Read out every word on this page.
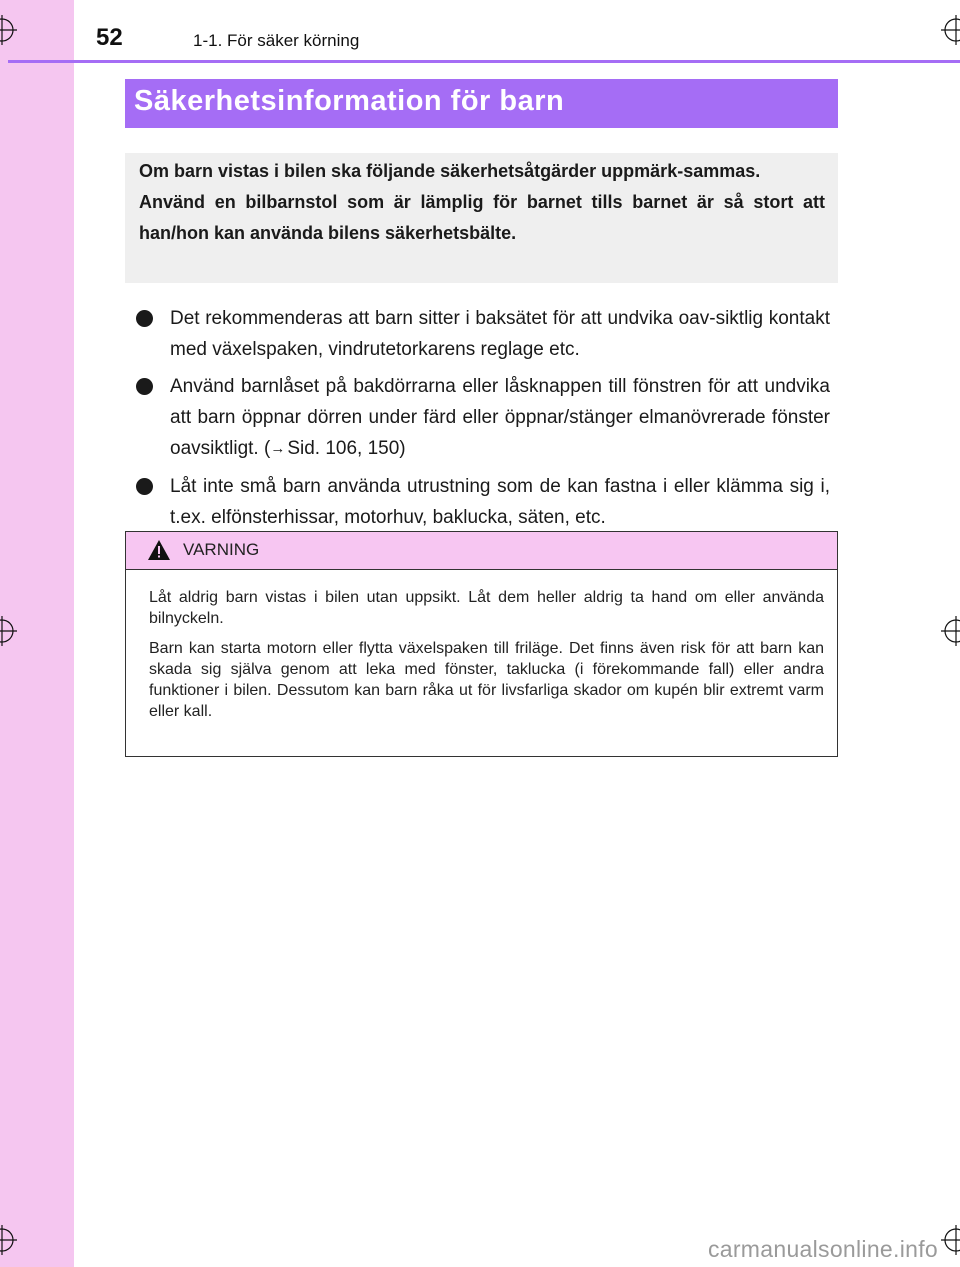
52	1-1. För säker körning
Säkerhetsinformation för barn

Om barn vistas i bilen ska följande säkerhetsåtgärder uppmärk-sammas.

Använd en bilbarnstol som är lämplig för barnet tills barnet är så stort att han/hon kan använda bilens säkerhetsbälte.

Det rekommenderas att barn sitter i baksätet för att undvika oav-siktlig kontakt med växelspaken, vindrutetorkarens reglage etc.
Använd barnlåset på bakdörrarna eller låsknappen till fönstren för att undvika att barn öppnar dörren under färd eller öppnar/stänger elmanövrerade fönster oavsiktligt. (→ Sid. 106, 150)
Låt inte små barn använda utrustning som de kan fastna i eller klämma sig i, t.ex. elfönsterhissar, motorhuv, baklucka, säten, etc.
VARNING

Låt aldrig barn vistas i bilen utan uppsikt. Låt dem heller aldrig ta hand om eller använda bilnyckeln.

Barn kan starta motorn eller flytta växelspaken till friläge. Det finns även risk för att barn kan skada sig själva genom att leka med fönster, taklucka (i förekommande fall) eller andra funktioner i bilen. Dessutom kan barn råka ut för livsfarliga skador om kupén blir extremt varm eller kall.

carmanualsonline.info
